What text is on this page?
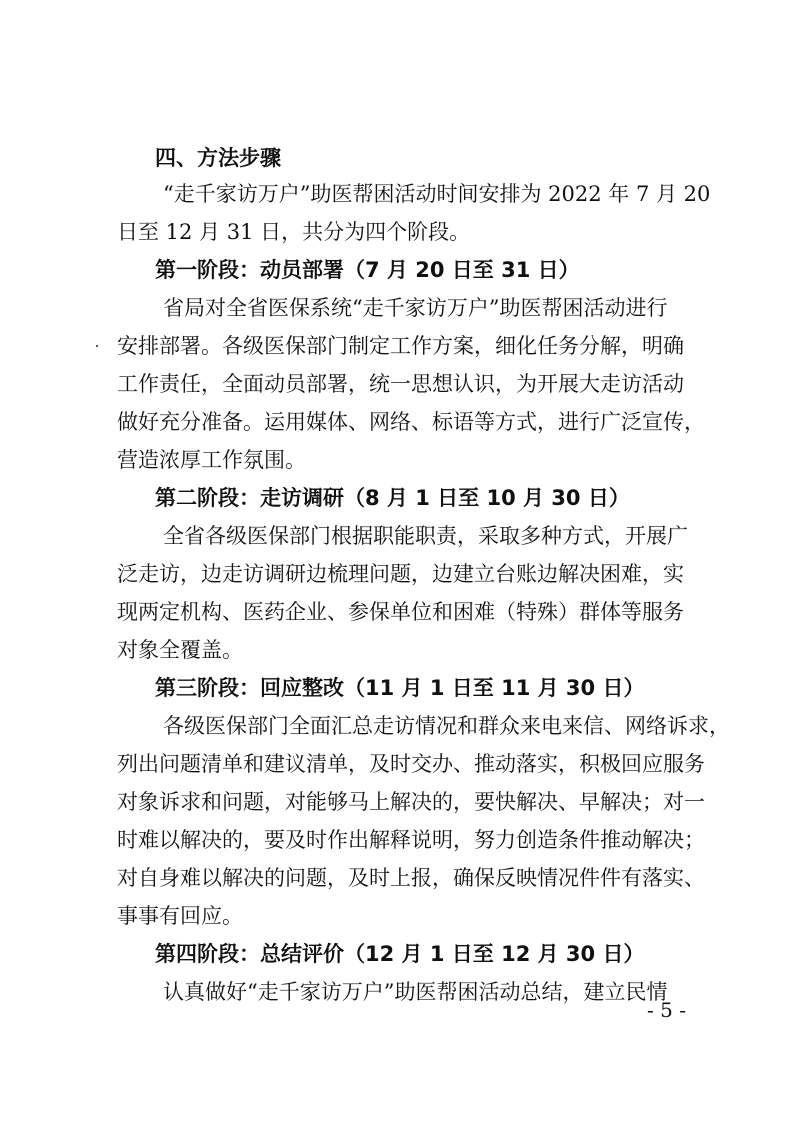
四、方法步骤
“走千家访万户”助医帮困活动时间安排为 2022 年 7 月 20
日至 12 月 31 日，共分为四个阶段。
第一阶段：动员部署（7 月 20 日至 31 日）
省局对全省医保系统“走千家访万户”助医帮困活动进行
安排部署。各级医保部门制定工作方案，细化任务分解，明确
工作责任，全面动员部署，统一思想认识，为开展大走访活动
做好充分准备。运用媒体、网络、标语等方式，进行广泛宣传，
营造浓厚工作氛围。
第二阶段：走访调研（8 月 1 日至 10 月 30 日）
全省各级医保部门根据职能职责，采取多种方式，开展广
泛走访，边走访调研边梳理问题，边建立台账边解决困难，实
现两定机构、医药企业、参保单位和困难（特殊）群体等服务
对象全覆盖。
第三阶段：回应整改（11 月 1 日至 11 月 30 日）
各级医保部门全面汇总走访情况和群众来电来信、网络诉求，
列出问题清单和建议清单，及时交办、推动落实，积极回应服务
对象诉求和问题，对能够马上解决的，要快解决、早解决；对一
时难以解决的，要及时作出解释说明，努力创造条件推动解决；
对自身难以解决的问题，及时上报，确保反映情况件件有落实、
事事有回应。
第四阶段：总结评价（12 月 1 日至 12 月 30 日）
认真做好“走千家访万户”助医帮困活动总结，建立民情
- 5 -
